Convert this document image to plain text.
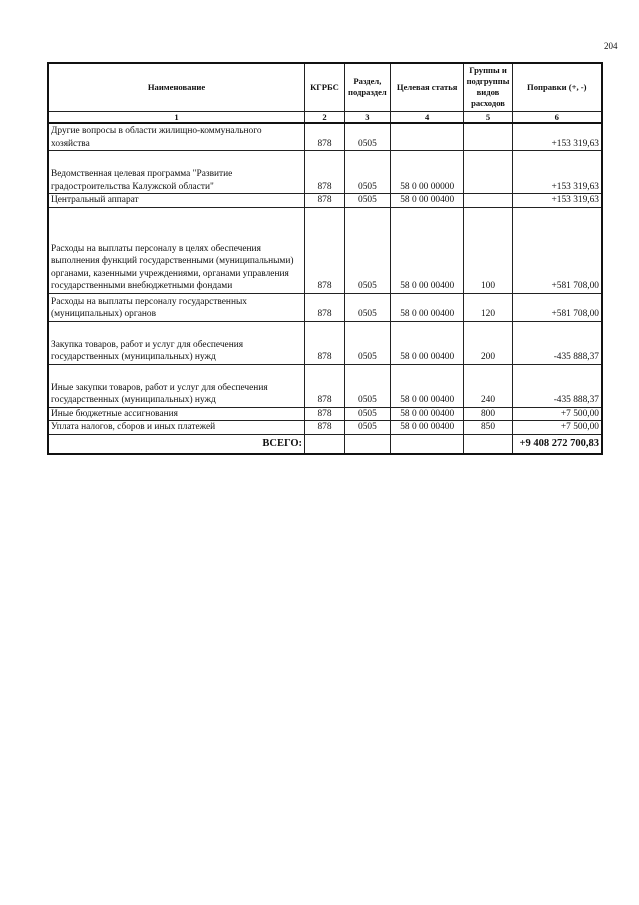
204
Наименование	КГРБС	Раздел, подраздел	Целевая статья	Группы и подгруппы видов расходов	Поправки (+, -)
1	2	3	4	5	6
Другие вопросы в области жилищно-коммунального хозяйства	878	0505			+153 319,63
Ведомственная целевая программа "Развитие градостроительства Калужской области"	878	0505	58 0 00 00000		+153 319,63
Центральный аппарат	878	0505	58 0 00 00400		+153 319,63
Расходы на выплаты персоналу в целях обеспечения выполнения функций государственными (муниципальными) органами, казенными учреждениями, органами управления государственными внебюджетными фондами	878	0505	58 0 00 00400	100	+581 708,00
Расходы на выплаты персоналу государственных (муниципальных) органов	878	0505	58 0 00 00400	120	+581 708,00
Закупка товаров, работ и услуг для обеспечения государственных (муниципальных) нужд	878	0505	58 0 00 00400	200	-435 888,37
Иные закупки товаров, работ и услуг для обеспечения государственных (муниципальных) нужд	878	0505	58 0 00 00400	240	-435 888,37
Иные бюджетные ассигнования	878	0505	58 0 00 00400	800	+7 500,00
Уплата налогов, сборов и иных платежей	878	0505	58 0 00 00400	850	+7 500,00
ВСЕГО:					+9 408 272 700,83
